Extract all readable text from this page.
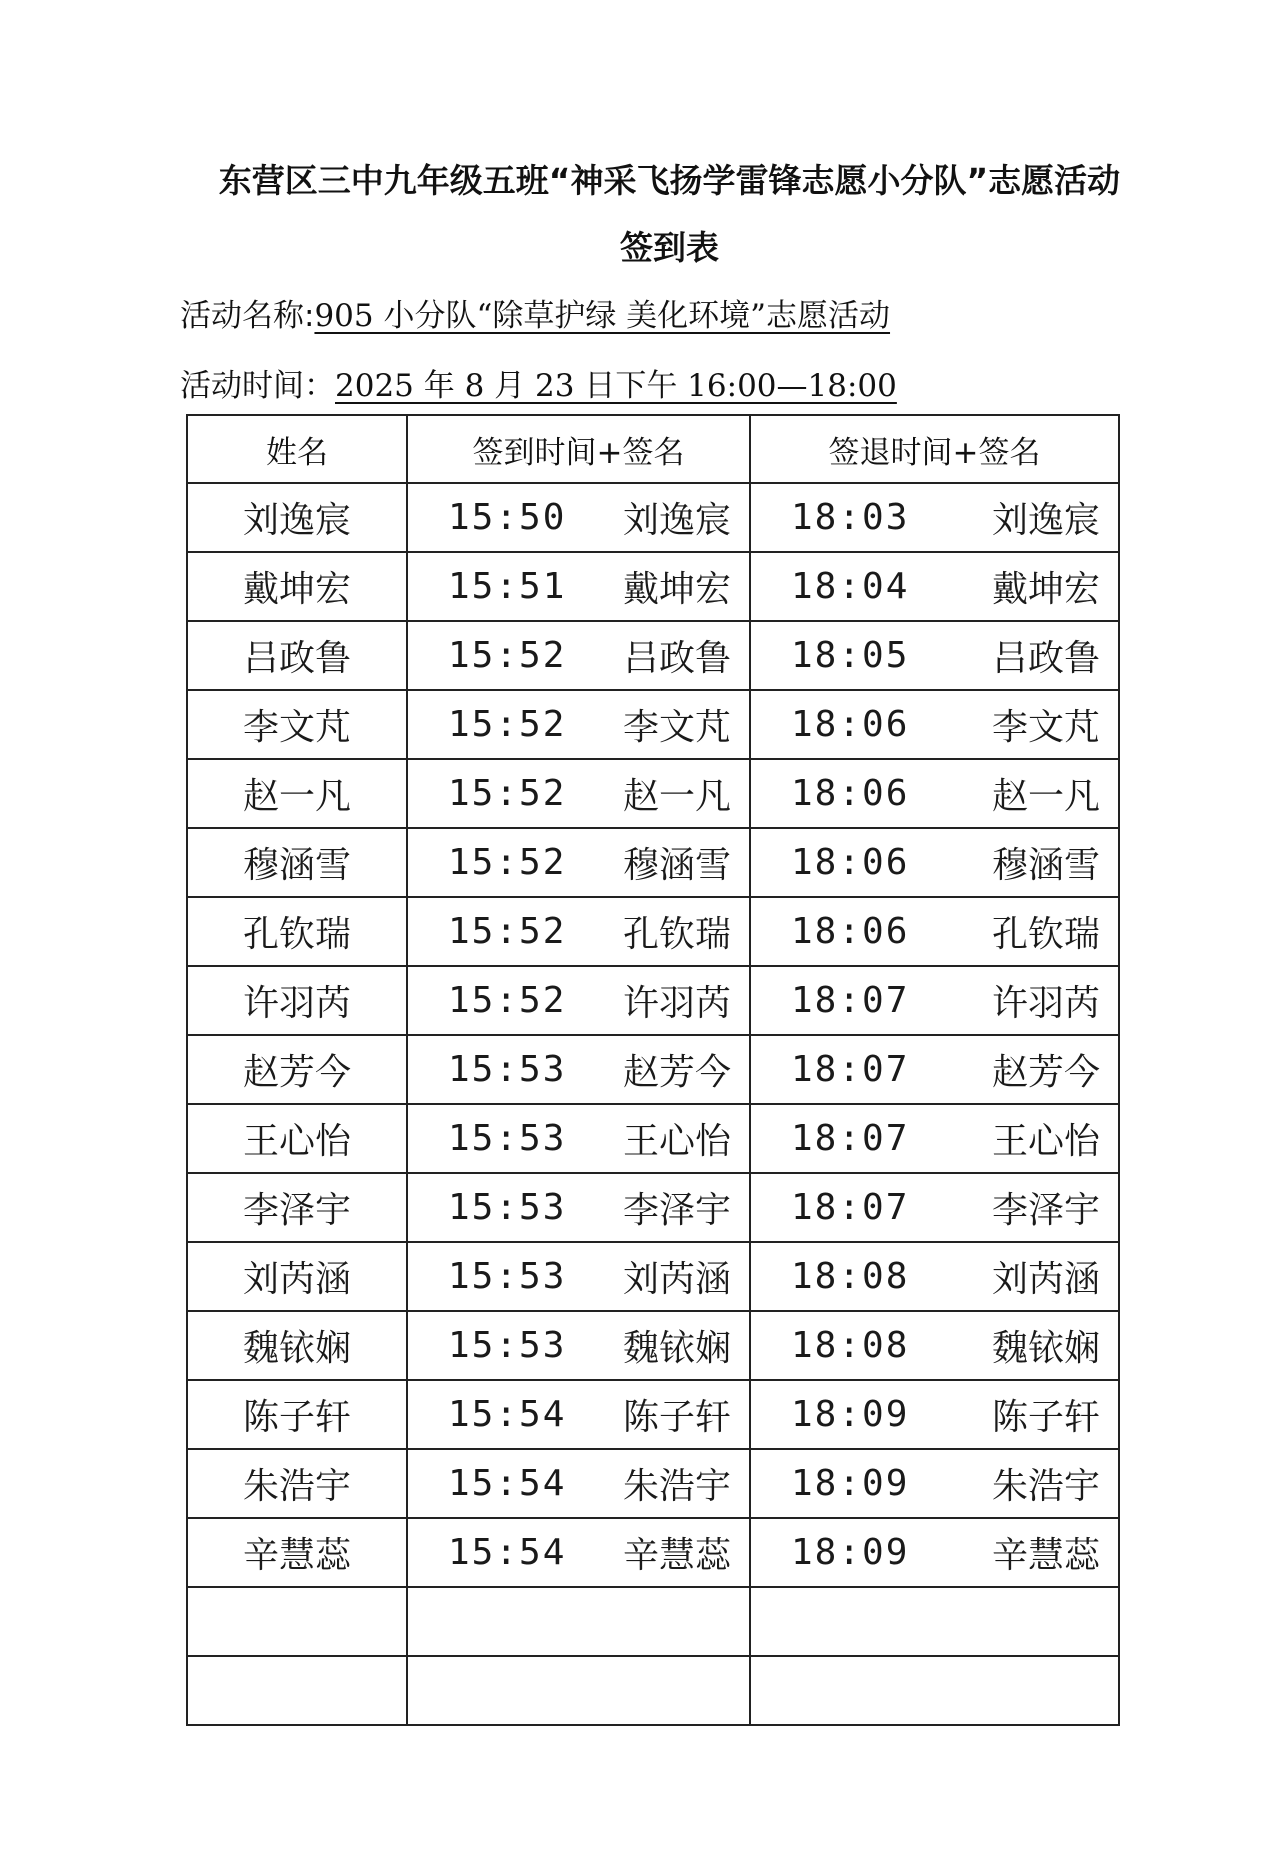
东营区三中九年级五班“神采飞扬学雷锋志愿小分队”志愿活动
签到表
活动名称:905 小分队“除草护绿 美化环境”志愿活动
活动时间：2025 年 8 月 23 日下午 16:00—18:00
姓名	签到时间+签名	签退时间+签名
刘逸宸	15:50 刘逸宸	18:03 刘逸宸

戴坤宏	15:51 戴坤宏	18:04 戴坤宏

吕政鲁	15:52 吕政鲁	18:05 吕政鲁

李文芃	15:52 李文芃	18:06 李文芃

赵一凡	15:52 赵一凡	18:06 赵一凡

穆涵雪	15:52 穆涵雪	18:06 穆涵雪

孔钦瑞	15:52 孔钦瑞	18:06 孔钦瑞

许羽芮	15:52 许羽芮	18:07 许羽芮

赵芳今	15:53 赵芳今	18:07 赵芳今

王心怡	15:53 王心怡	18:07 王心怡

李泽宇	15:53 李泽宇	18:07 李泽宇

刘芮涵	15:53 刘芮涵	18:08 刘芮涵

魏铱娴	15:53 魏铱娴	18:08 魏铱娴

陈子轩	15:54 陈子轩	18:09 陈子轩

朱浩宇	15:54 朱浩宇	18:09 朱浩宇

辛慧蕊	15:54 辛慧蕊	18:09 辛慧蕊
